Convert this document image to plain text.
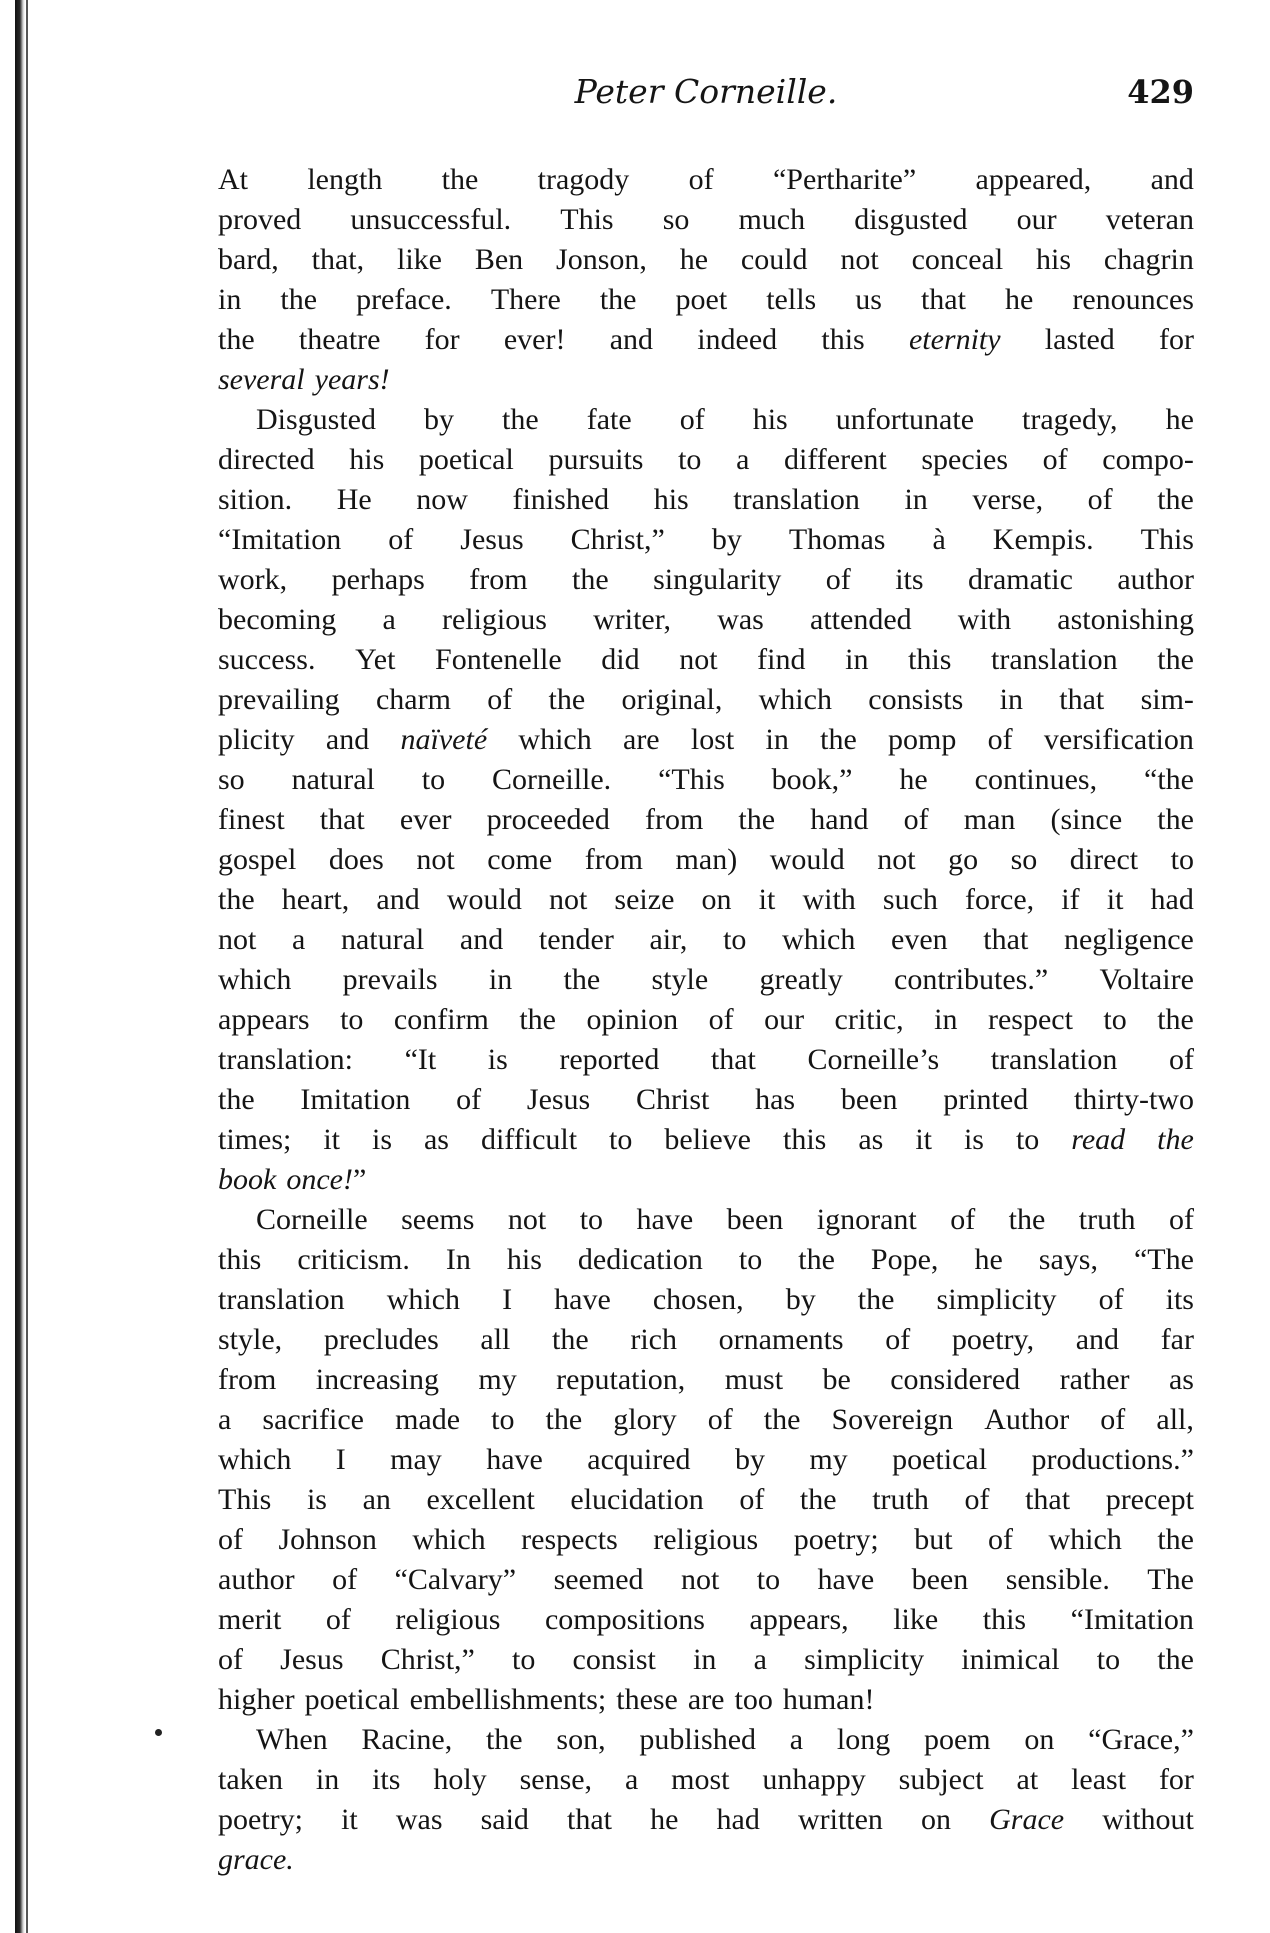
Peter Corneille.	429
At length the trag⁠ody of “Pertharite” appeared, and
proved unsuccessful. This so much disgusted our veteran
bard, that, like Ben Jonson, he could not conceal his chagrin
in the preface. There the poet tells us that he renounces
the theatre for ever! and indeed this eternity lasted for
several years!
Disgusted by the fate of his unfortunate tragedy, he
directed his poetical pursuits to a different species of compo-
sition. He now finished his translation in verse, of the
“Imitation of Jesus Christ,” by Thomas à Kempis. This
work, perhaps from the singularity of its dramatic author
becoming a religious writer, was attended with astonishing
success. Yet Fontenelle did not find in this translation the
prevailing charm of the original, which consists in that sim-
plicity and naïveté which are lost in the pomp of versification
so natural to Corneille. “This book,” he continues, “the
finest that ever proceeded from the hand of man (since the
gospel does not come from man) would not go so direct to
the heart, and would not seize on it with such force, if it had
not a natural and tender air, to which even that negligence
which prevails in the style greatly contributes.” Voltaire
appears to confirm the opinion of our critic, in respect to the
translation: “It is reported that Corneille’s translation of
the Imitation of Jesus Christ has been printed thirty-two
times; it is as difficult to believe this as it is to read the
book once!”
Corneille seems not to have been ignorant of the truth of
this criticism. In his dedication to the Pope, he says, “The
translation which I have chosen, by the simplicity of its
style, precludes all the rich ornaments of poetry, and far
from increasing my reputation, must be considered rather as
a sacrifice made to the glory of the Sovereign Author of all,
which I may have acquired by my poetical productions.”
This is an excellent elucidation of the truth of that precept
of Johnson which respects religious poetry; but of which the
author of “Calvary” seemed not to have been sensible. The
merit of religious compositions appears, like this “Imitation
of Jesus Christ,” to consist in a simplicity inimical to the
higher poetical embellishments; these are too human!
When Racine, the son, published a long poem on “Grace,”
taken in its holy sense, a most unhappy subject at least for
poetry; it was said that he had written on Grace without
grace.
